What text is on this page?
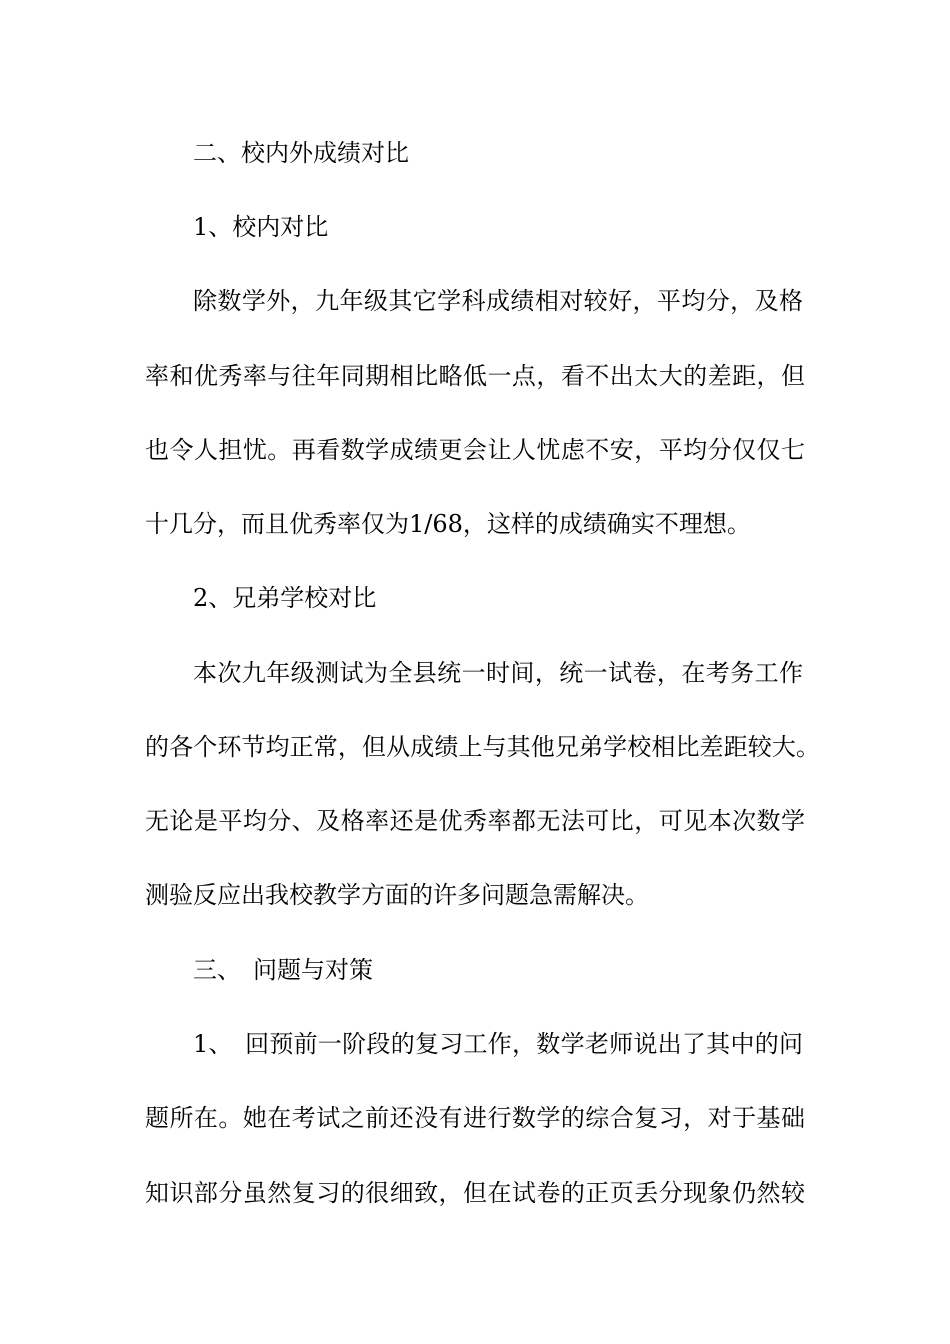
二、校内外成绩对比
1、校内对比
除数学外，九年级其它学科成绩相对较好，平均分，及格
率和优秀率与往年同期相比略低一点，看不出太大的差距，但
也令人担忧。再看数学成绩更会让人忧虑不安，平均分仅仅七
十几分，而且优秀率仅为1/68，这样的成绩确实不理想。
2、兄弟学校对比
本次九年级测试为全县统一时间，统一试卷，在考务工作
的各个环节均正常，但从成绩上与其他兄弟学校相比差距较大。
无论是平均分、及格率还是优秀率都无法可比，可见本次数学
测验反应出我校教学方面的许多问题急需解决。
三、　问题与对策
1、　回预前一阶段的复习工作，数学老师说出了其中的问
题所在。她在考试之前还没有进行数学的综合复习，对于基础
知识部分虽然复习的很细致，但在试卷的正页丢分现象仍然较
